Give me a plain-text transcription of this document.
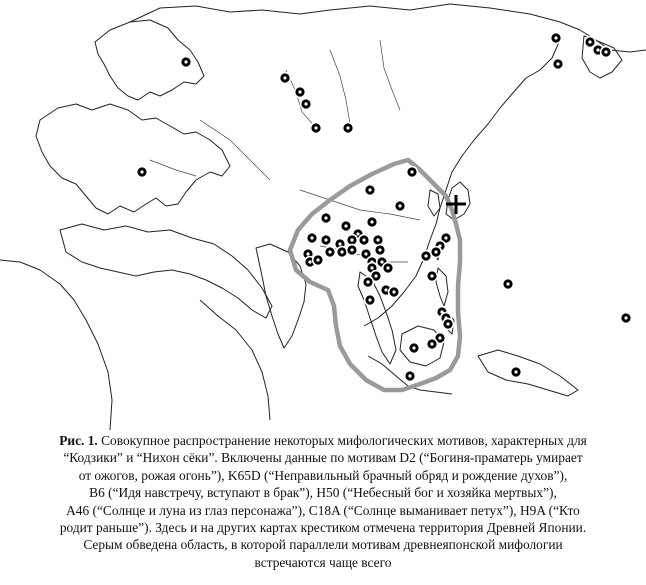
Рис. 1. Совокупное распространение некоторых мифологических мотивов, характерных для
“Кодзики” и “Нихон сёки”. Включены данные по мотивам D2 (“Богиня-праматерь умирает
от ожогов, рожая огонь”), K65D (“Неправильный брачный обряд и рождение духов”),
B6 (“Идя навстречу, вступают в брак”), H50 (“Небесный бог и хозяйка мертвых”),
A46 (“Солнце и луна из глаз персонажа”), C18A (“Солнце выманивает петух”), H9A (“Кто
родит раньше”). Здесь и на других картах крестиком отмечена территория Древней Японии.
Серым обведена область, в которой параллели мотивам древнеяпонской мифологии
встречаются чаще всего
